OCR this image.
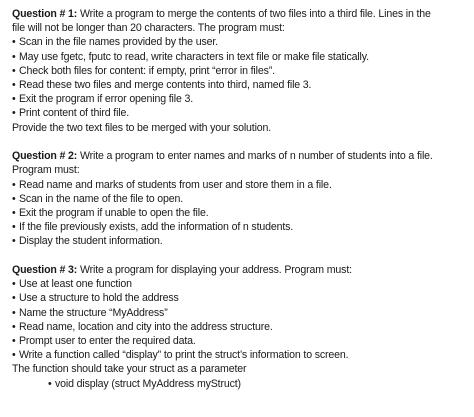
Question # 1: Write a program to merge the contents of two files into a third file. Lines in the
file will not be longer than 20 characters. The program must:
• Scan in the file names provided by the user.
• May use fgetc, fputc to read, write characters in text file or make file statically.
• Check both files for content: if empty, print “error in files”.
• Read these two files and merge contents into third, named file 3.
• Exit the program if error opening file 3.
• Print content of third file.
Provide the two text files to be merged with your solution.
Question # 2: Write a program to enter names and marks of n number of students into a file.
Program must:
• Read name and marks of students from user and store them in a file.
• Scan in the name of the file to open.
• Exit the program if unable to open the file.
• If the file previously exists, add the information of n students.
• Display the student information.
Question # 3: Write a program for displaying your address. Program must:
• Use at least one function
• Use a structure to hold the address
• Name the structure “MyAddress”
• Read name, location and city into the address structure.
• Prompt user to enter the required data.
• Write a function called “display” to print the struct’s information to screen.
The function should take your struct as a parameter
• void display (struct MyAddress myStruct)
